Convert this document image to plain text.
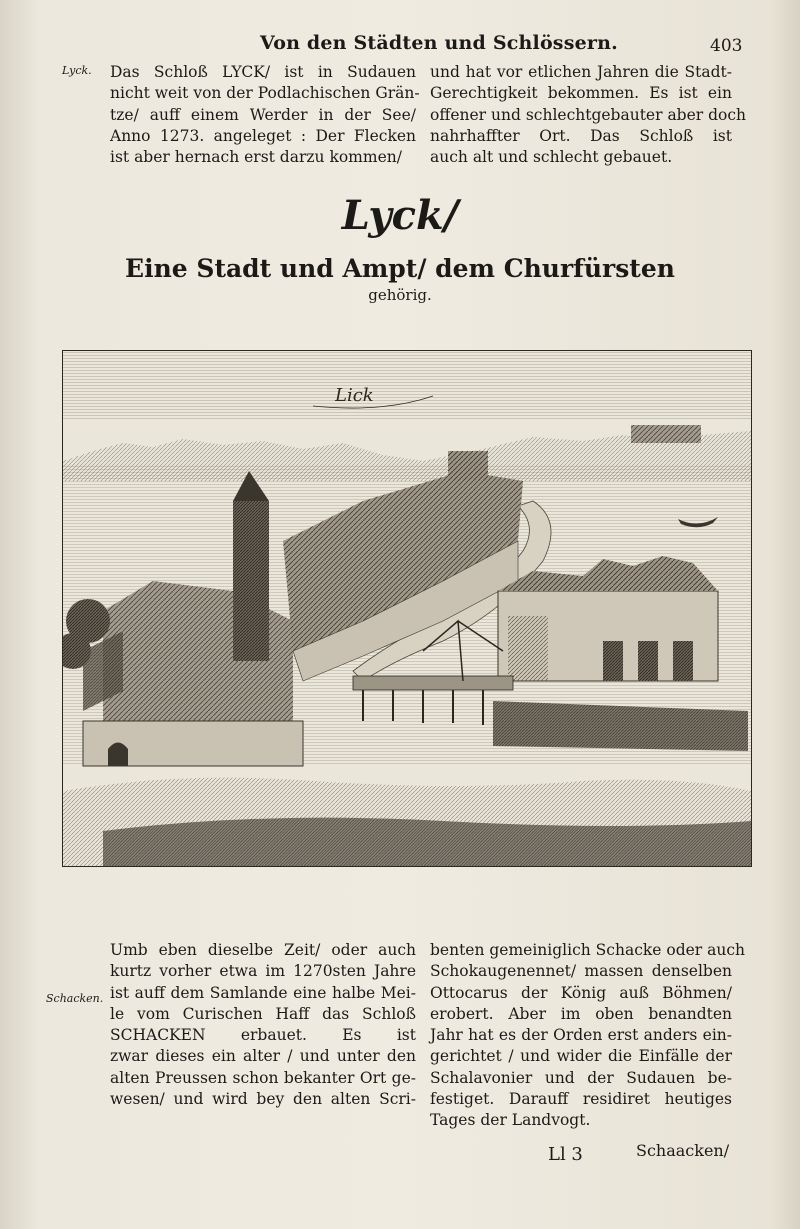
Von den Städten und Schlössern.	403
Lyck. Das Schloß LYCK/ ist in Sudauen
nicht weit von der Podlachischen Grän-
tze/ auff einem Werder in der See/
Anno 1273. angeleget : Der Flecken
ist aber hernach erst darzu kommen/
und hat vor etlichen Jahren die Stadt-
Gerechtigkeit bekommen. Es ist ein
offener und schlechtgebauter aber doch
nahrhaffter Ort. Das Schloß ist
auch alt und schlecht gebauet.
Lyck/
Eine Stadt und Ampt/ dem Churfürsten
gehörig.
Lick
Schacken.
Umb eben dieselbe Zeit/ oder auch
kurtz vorher etwa im 1270sten Jahre
ist auff dem Samlande eine halbe Mei-
le vom Curischen Haff das Schloß
SCHACKEN erbauet. Es ist
zwar dieses ein alter / und unter den
alten Preussen schon bekanter Ort ge-
wesen/ und wird bey den alten Scri-
benten gemeiniglich Schacke oder auch
Schokaugenennet/ massen denselben
Ottocarus der König auß Böhmen/
erobert. Aber im oben benandten
Jahr hat es der Orden erst anders ein-
gerichtet / und wider die Einfälle der
Schalavonier und der Sudauen be-
festiget. Darauff residiret heutiges
Tages der Landvogt.
Ll 3	Schaacken/
